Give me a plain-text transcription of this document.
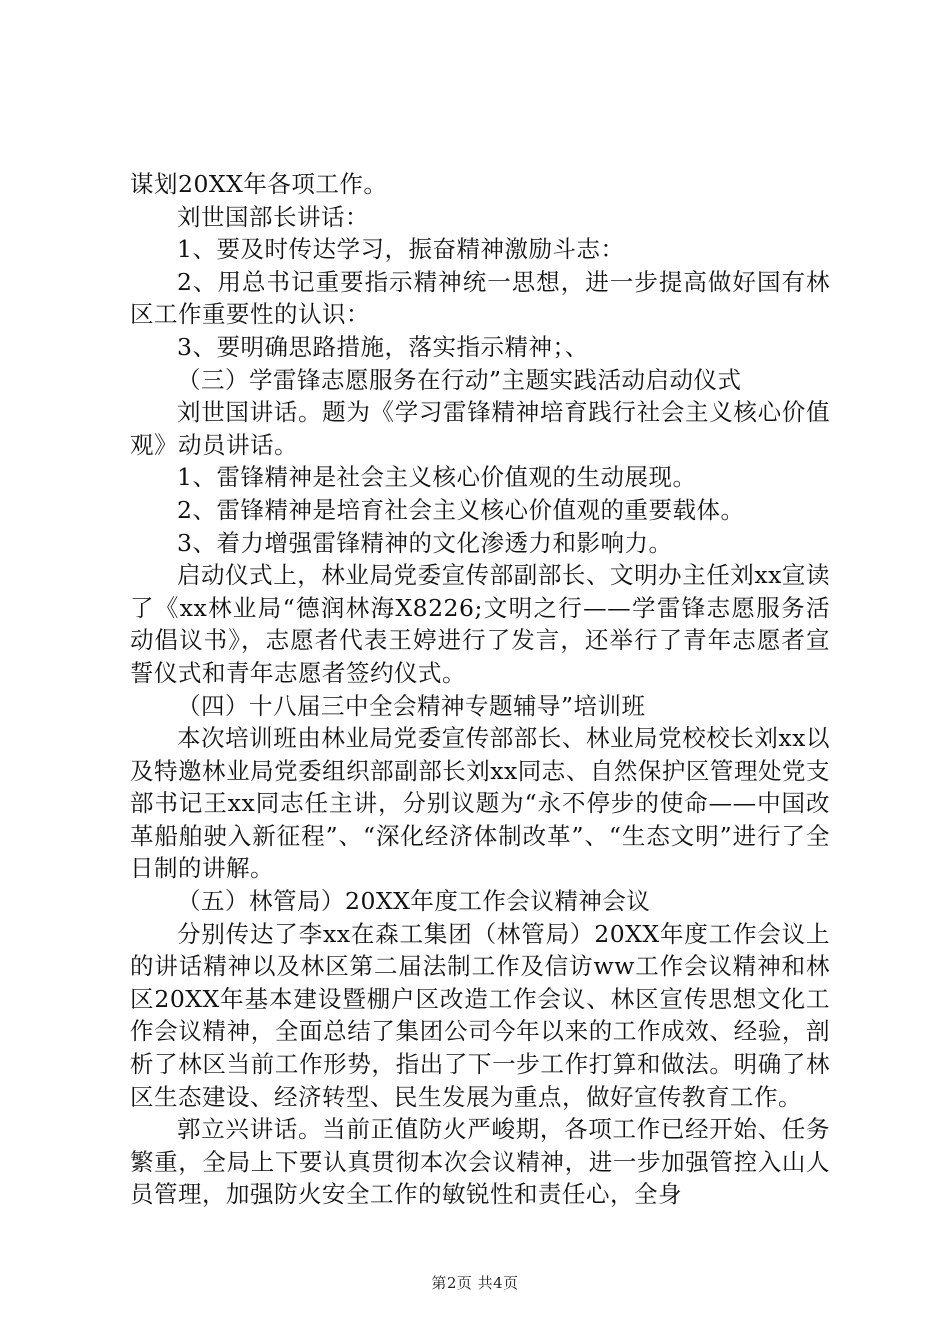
谋划20XX年各项工作。

刘世国部长讲话：

1、要及时传达学习，振奋精神激励斗志：

2、用总书记重要指示精神统一思想，进一步提高做好国有林区工作重要性的认识：

3、要明确思路措施，落实指示精神；、

（三）学雷锋志愿服务在行动”主题实践活动启动仪式

刘世国讲话。题为《学习雷锋精神培育践行社会主义核心价值观》动员讲话。

1、雷锋精神是社会主义核心价值观的生动展现。

2、雷锋精神是培育社会主义核心价值观的重要载体。

3、着力增强雷锋精神的文化渗透力和影响力。

启动仪式上，林业局党委宣传部副部长、文明办主任刘xx宣读了《xx林业局“德润林海X8226;文明之行——学雷锋志愿服务活动倡议书》，志愿者代表王婷进行了发言，还举行了青年志愿者宣誓仪式和青年志愿者签约仪式。

（四）十八届三中全会精神专题辅导”培训班

本次培训班由林业局党委宣传部部长、林业局党校校长刘xx以及特邀林业局党委组织部副部长刘xx同志、自然保护区管理处党支部书记王xx同志任主讲，分别议题为“永不停步的使命——中国改革船舶驶入新征程”、“深化经济体制改革”、“生态文明”进行了全日制的讲解。

（五）林管局）20XX年度工作会议精神会议

分别传达了李xx在森工集团（林管局）20XX年度工作会议上的讲话精神以及林区第二届法制工作及信访ww工作会议精神和林区20XX年基本建设暨棚户区改造工作会议、林区宣传思想文化工作会议精神，全面总结了集团公司今年以来的工作成效、经验，剖析了林区当前工作形势，指出了下一步工作打算和做法。明确了林区生态建设、经济转型、民生发展为重点，做好宣传教育工作。

郭立兴讲话。当前正值防火严峻期，各项工作已经开始、任务繁重，全局上下要认真贯彻本次会议精神，进一步加强管控入山人员管理，加强防火安全工作的敏锐性和责任心，全身

第2页 共4页
